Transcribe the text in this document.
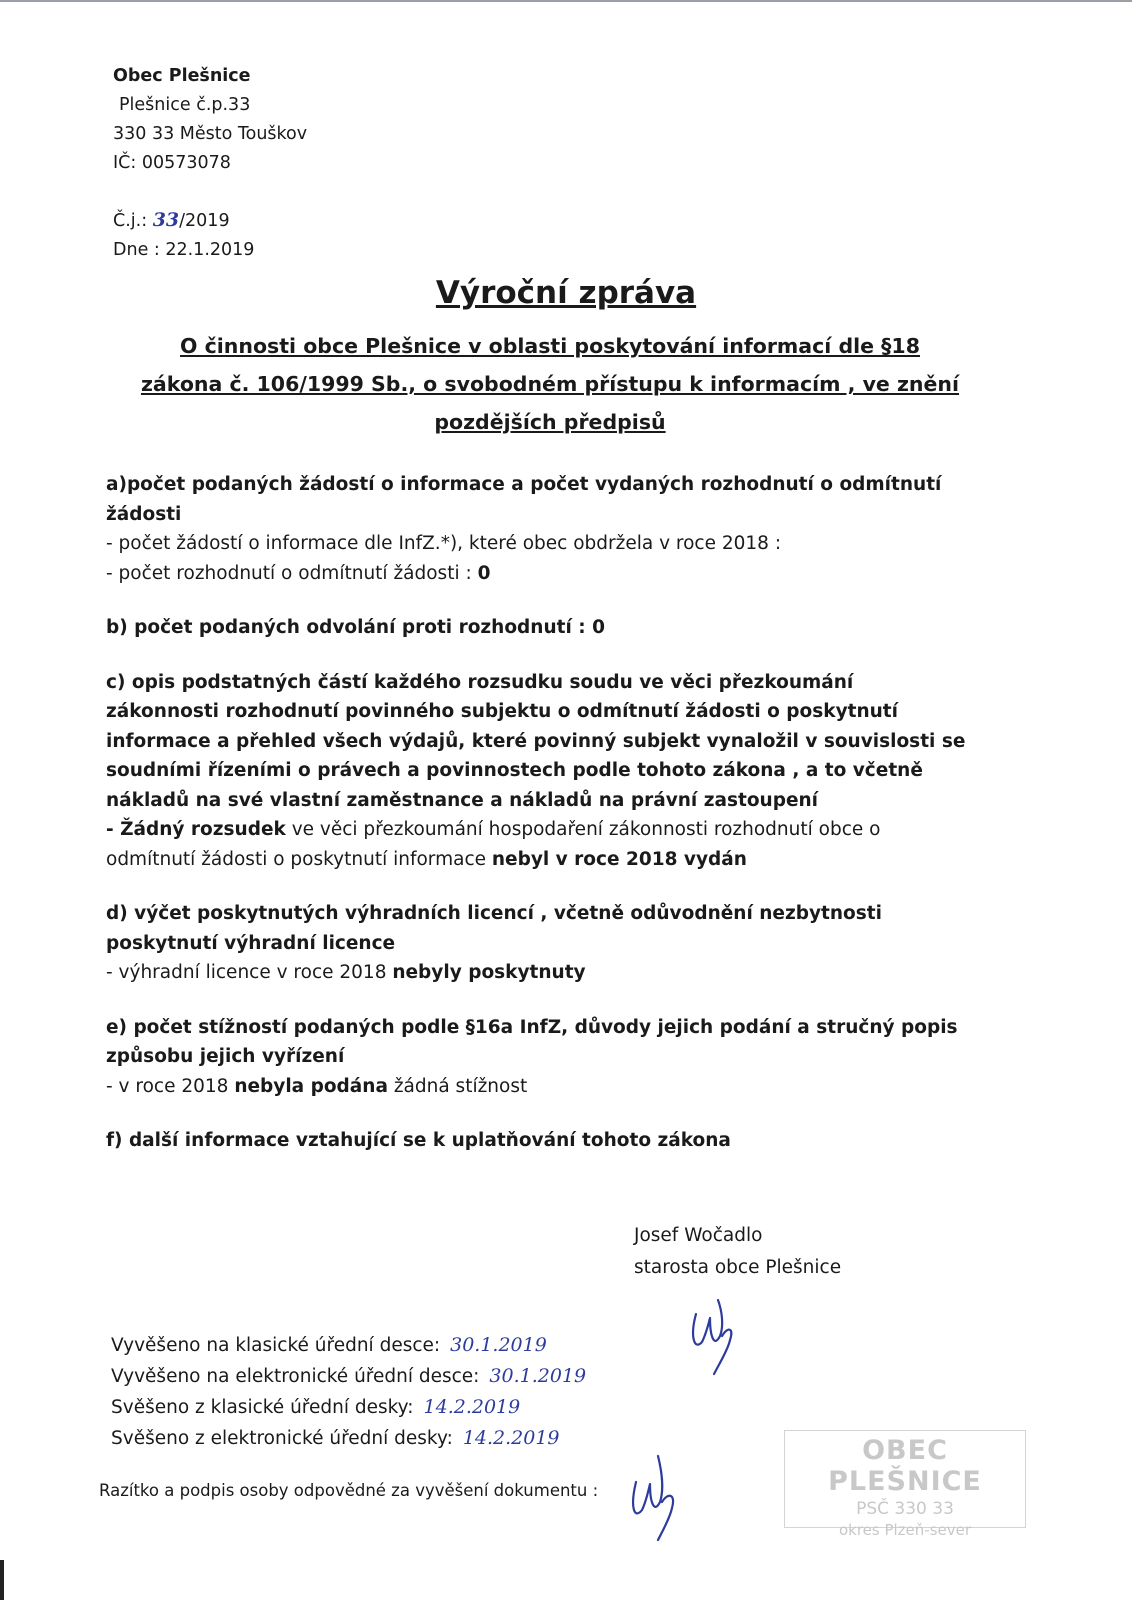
Obec Plešnice
Plešnice č.p.33
330 33 Město Touškov
IČ: 00573078
Č.j.: 33/2019
Dne : 22.1.2019
Výroční zpráva
O činnosti obce Plešnice v oblasti poskytování informací dle §18 zákona č. 106/1999 Sb., o svobodném přístupu k informacím , ve znění pozdějších předpisů
a)počet podaných žádostí o informace a počet vydaných rozhodnutí o odmítnutí žádosti
- počet žádostí o informace dle InfZ.*), které obec obdržela v roce 2018 :
- počet rozhodnutí o odmítnutí žádosti : 0
b) počet podaných odvolání proti rozhodnutí : 0
c) opis podstatných částí každého rozsudku soudu ve věci přezkoumání zákonnosti rozhodnutí povinného subjektu o odmítnutí žádosti o poskytnutí informace a přehled všech výdajů, které povinný subjekt vynaložil v souvislosti se soudními řízeními o právech a povinnostech podle tohoto zákona , a to včetně nákladů na své vlastní zaměstnance a nákladů na právní zastoupení
- Žádný rozsudek ve věci přezkoumání hospodaření zákonnosti rozhodnutí obce o odmítnutí žádosti o poskytnutí informace nebyl v roce 2018 vydán
d) výčet poskytnutých výhradních licencí , včetně odůvodnění nezbytnosti poskytnutí výhradní licence
- výhradní licence v roce 2018 nebyly poskytnuty
e) počet stížností podaných podle §16a InfZ, důvody jejich podání a stručný popis způsobu jejich vyřízení
- v roce 2018 nebyla podána žádná stížnost
f) další informace vztahující se k uplatňování tohoto zákona
Josef Wočadlo
starosta obce Plešnice
Vyvěšeno na klasické úřední desce: 30.1.2019
Vyvěšeno na elektronické úřední desce: 30.1.2019
Svěšeno z klasické úřední desky: 14.2.2019
Svěšeno z elektronické úřední desky: 14.2.2019
Razítko a podpis osoby odpovědné za vyvěšení dokumentu :
OBEC PLEŠNICE
PSČ 330 33
okres Plzeň-sever
